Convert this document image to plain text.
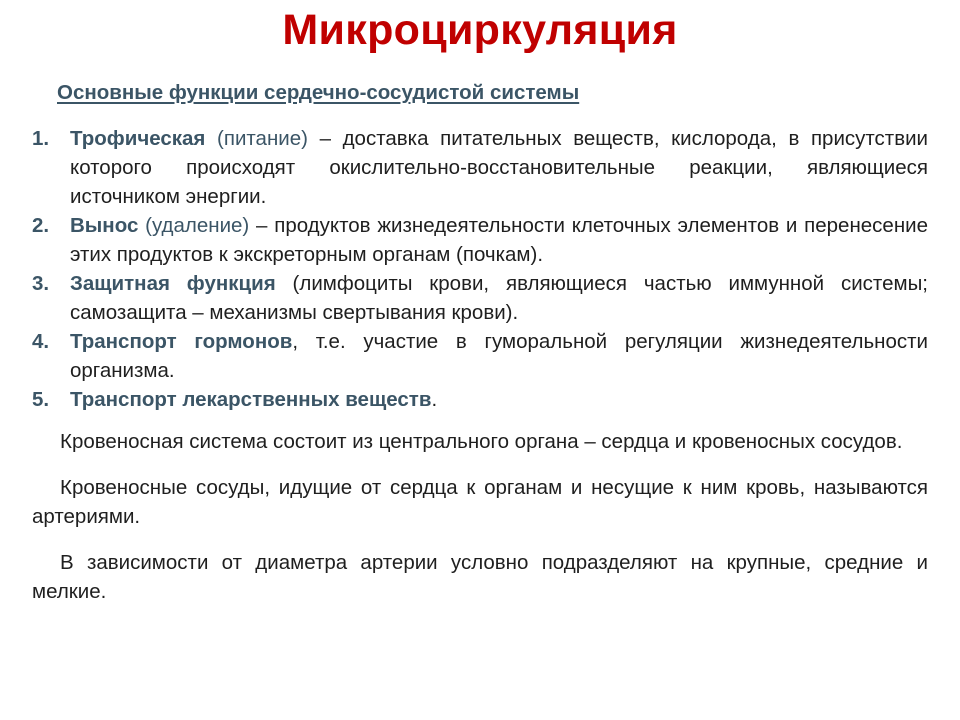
Микроциркуляция
Основные функции сердечно-сосудистой системы
1.	Трофическая (питание) – доставка питательных веществ, кислорода, в присутствии которого происходят окислительно-восстановительные реакции, являющиеся источником энергии.
2.	Вынос (удаление) – продуктов жизнедеятельности клеточных элементов и перенесение этих продуктов к экскреторным органам (почкам).
3.	Защитная функция (лимфоциты крови, являющиеся частью иммунной системы; самозащита – механизмы свертывания крови).
4.	Транспорт гормонов, т.е. участие в гуморальной регуляции жизнедеятельности организма.
5.	Транспорт лекарственных веществ.

Кровеносная система состоит из центрального органа – сердца и кровеносных сосудов.

Кровеносные сосуды, идущие от сердца к органам и несущие к ним кровь, называются артериями.

В зависимости от диаметра артерии условно подразделяют на крупные, средние и мелкие.
